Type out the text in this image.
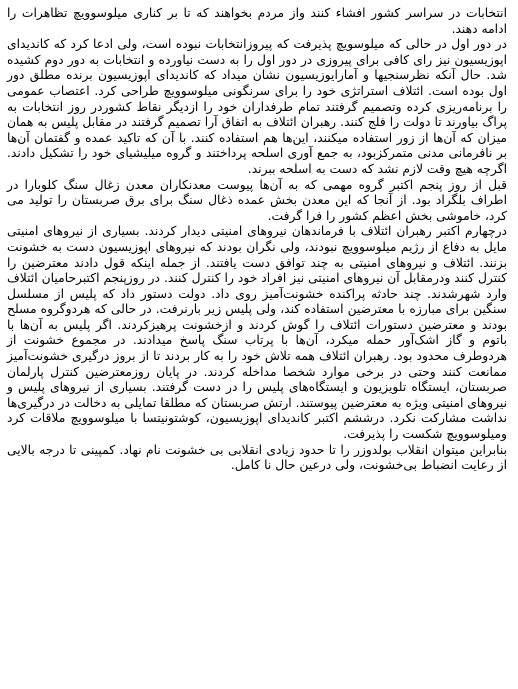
انتخابات در سراسر کشور افشاء کنند واز مردم بخواهند که تا بر کناری میلوسوویچ تظاهرات را ادامه دهند.

در دور اول در حالی که میلوسویچ پذیرفت که پیروزانتخابات نبوده است، ولی ادعا کرد که کاندیدای اپوزیسیون نیز رای کافی برای پیروزی در دور اول را به دست نیاورده و انتخابات به دور دوم کشیده شد. حال آنکه نظرسنجیها و آمارایوزیسیون نشان میداد که کاندیدای اپوزیسیون برنده مطلق دور اول بوده است. ائتلاف استراتژی خود را برای سرنگونی میلوسوویچ طراحی کرد. اعتصاب عمومی را برنامه‌ریزی کرده وتصمیم گرفتند تمام طرفداران خود را ازدیگر نقاط کشوردر روز انتخابات به پراگ بیاورند تا دولت را فلج کنند. رهبران ائتلاف به اتفاق آرا تصمیم گرفتند در مقابل پلیس به همان میزان که آن‌ها از زور استفاده میکنند، این‌ها هم استفاده کنند. با آن که تاکید عمده و گفتمان آن‌ها بر نافرمانی مدنی متمرکزبود، به جمع آوری اسلحه پرداختند و گروه میلیشیای خود را تشکیل دادند. اگرچه هیچ وقت لازم نشد که دست به اسلحه ببرند.

قبل از روز پنجم اکتبر گروه مهمی که به آن‌ها پیوست معدنکاران معدن زغال سنگ کلوبارا در اطراف بلگراد بود. از آنجا که این معدن بخش عمده ذغال سنگ برای برق صربستان را تولید می کرد، خاموشی بخش اعظم کشور را فرا گرفت.

درچهارم اکتبر رهبران ائتلاف با فرماندهان نیروهای امنیتی دیدار کردند. بسیاری از نیروهای امنیتی مایل به دفاع از رژیم میلوسوویچ نبودند، ولی نگران بودند که نیروهای اپوزیسیون دست به خشونت بزنند. ائتلاف و نیروهای امنیتی به چند توافق دست یافتند. از جمله اینکه قول دادند معترضین را کنترل کنند ودرمقابل آن نیروهای امنیتی نیز افراد خود را کنترل کنند. در روزپنجم اکتبرحامیان ائتلاف وارد شهرشدند. چند حادثه پراکنده خشونت‌آمیز روی داد. دولت دستور داد که پلیس از مسلسل سنگین برای مبارزه با معترضین استفاده کند، ولی پلیس زیر بارنرفت. در حالی که هردوگروه مسلح بودند و معترضین دستورات ائتلاف را گوش کردند و ازخشونت پرهیزکردند. اگر پلیس به آن‌ها با باتوم و گاز اشک‌آور حمله میکرد، آن‌ها با پرتاب سنگ پاسخ میدادند. در مجموع خشونت از هردوطرف محدود بود. رهبران ائتلاف همه تلاش خود را به کار بردند تا از بروز درگیری خشونت‌آمیز ممانعت کنند وحتی در برخی موارد شخصا مداخله کردند. در پایان روزمعترضین کنترل پارلمان صربستان، ایستگاه تلویزیون و ایستگاه‌های پلیس را در دست گرفتند. بسیاری از نیروهای پلیس و نیروهای امنیتی ویژه به معترضین پیوستند. ارتش صربستان که مطلقا تمایلی به دخالت در درگیری‌ها نداشت مشارکت نکرد. درششم اکتبر کاندیدای اپوزیسیون، کوشتونیتسا با میلوسوویچ ملاقات کرد ومیلوسوویچ شکست را پذیرفت.

بنابراین میتوان انقلاب بولدوزر را تا حدود زیادی انقلابی بی خشونت نام نهاد. کمپینی تا درجه بالایی از رعایت انضباط بی‌خشونت، ولی درعین حال نا کامل.
